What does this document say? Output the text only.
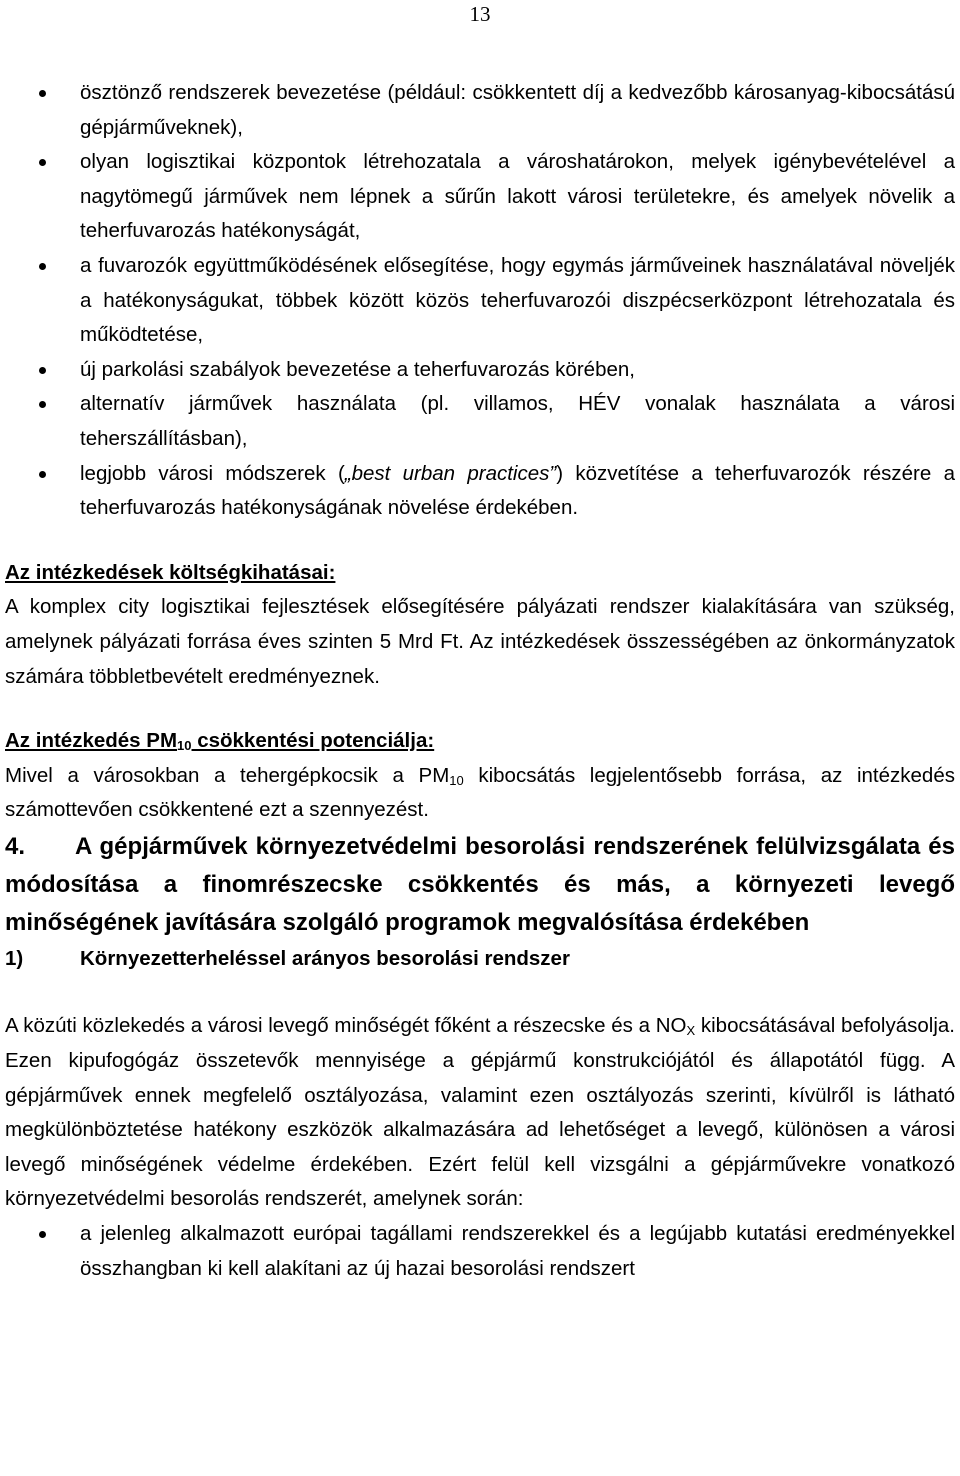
13
ösztönző rendszerek bevezetése (például: csökkentett díj a kedvezőbb károsanyag-kibocsátású gépjárműveknek),
olyan logisztikai központok létrehozatala a városhatárokon, melyek igénybevételével a nagytömegű járművek nem lépnek a sűrűn lakott városi területekre, és amelyek növelik a teherfuvarozás hatékonyságát,
a fuvarozók együttműködésének elősegítése, hogy egymás járműveinek használatával növeljék a hatékonyságukat, többek között közös teherfuvarozói diszpécserközpont létrehozatala és működtetése,
új parkolási szabályok bevezetése a teherfuvarozás körében,
alternatív járművek használata (pl. villamos, HÉV vonalak használata a városi teherszállításban),
legjobb városi módszerek („best urban practices”) közvetítése a teherfuvarozók részére a teherfuvarozás hatékonyságának növelése érdekében.

Az intézkedések költségkihatásai:

A komplex city logisztikai fejlesztések elősegítésére pályázati rendszer kialakítására van szükség, amelynek pályázati forrása éves szinten 5 Mrd Ft. Az intézkedések összességében az önkormányzatok számára többletbevételt eredményeznek.

Az intézkedés $PM_{10}$ csökkentési potenciálja:

Mivel a városokban a tehergépkocsik a $PM_{10}$ kibocsátás legjelentősebb forrása, az intézkedés számottevően csökkentené ezt a szennyezést.

4. A gépjárművek környezetvédelmi besorolási rendszerének felülvizsgálata és módosítása a finomrészecske csökkentés és más, a környezeti levegő minőségének javítására szolgáló programok megvalósítása érdekében

1)	Környezetterheléssel arányos besorolási rendszer

A közúti közlekedés a városi levegő minőségét főként a részecske és a $NO_X$ kibocsátásával befolyásolja. Ezen kipufogógáz összetevők mennyisége a gépjármű konstrukciójától és állapotától függ. A gépjárművek ennek megfelelő osztályozása, valamint ezen osztályozás szerinti, kívülről is látható megkülönböztetése hatékony eszközök alkalmazására ad lehetőséget a levegő, különösen a városi levegő minőségének védelme érdekében. Ezért felül kell vizsgálni a gépjárművekre vonatkozó környezetvédelmi besorolás rendszerét, amelynek során:

a jelenleg alkalmazott európai tagállami rendszerekkel és a legújabb kutatási eredményekkel összhangban ki kell alakítani az új hazai besorolási rendszert
